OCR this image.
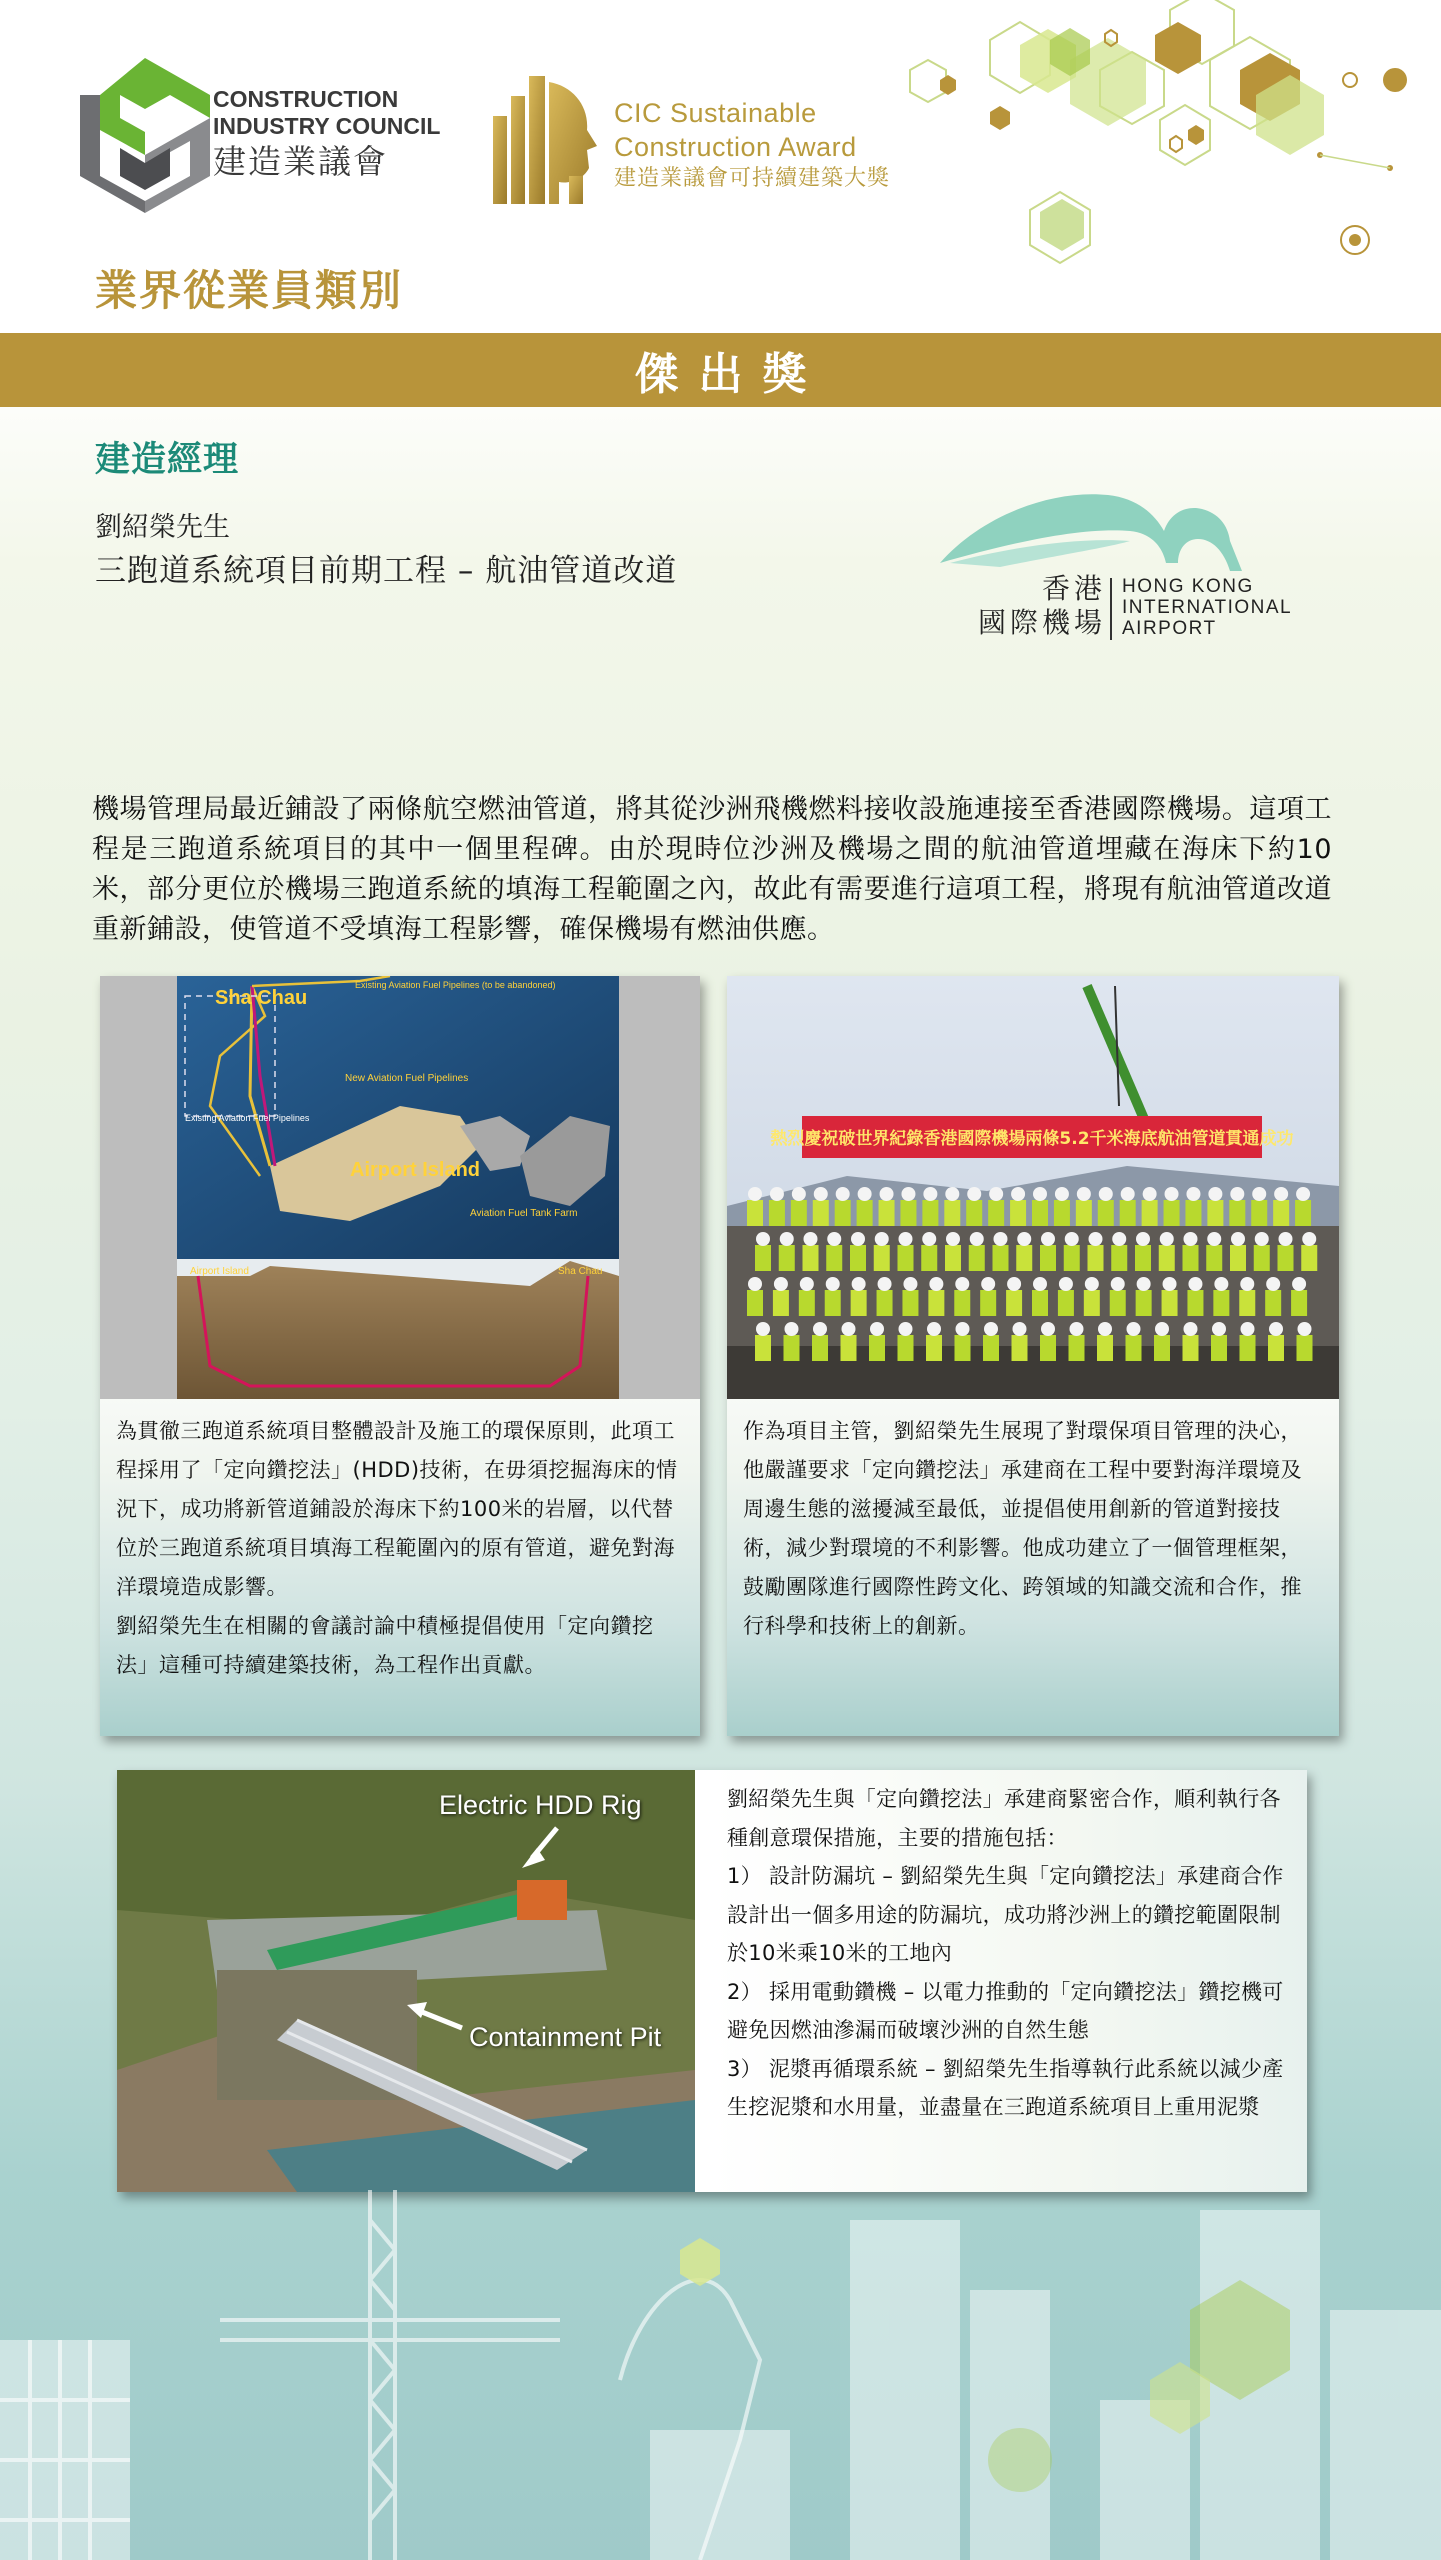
CONSTRUCTION
INDUSTRY COUNCIL
建造業議會
CIC Sustainable
Construction Award
建造業議會可持續建築大獎
業界從業員類別
傑出獎
建造經理
劉紹榮先生
三跑道系統項目前期工程 – 航油管道改道	香港
國際機場
HONG KONG
INTERNATIONAL
AIRPORT
機場管理局最近鋪設了兩條航空燃油管道，將其從沙洲飛機燃料接收設施連接至香港國際機場。這項工程是三跑道系統項目的其中一個里程碑。由於現時位沙洲及機場之間的航油管道埋藏在海床下約10米，部分更位於機場三跑道系統的填海工程範圍之內，故此有需要進行這項工程，將現有航油管道改道重新鋪設，使管道不受填海工程影響，確保機場有燃油供應。
Sha Chau
Airport Island
New Aviation Fuel Pipelines
Existing Aviation Fuel Pipelines
Existing Aviation Fuel Pipelines (to be abandoned)
Aviation Fuel Tank Farm
Airport Island	Sha Chau

為貫徹三跑道系統項目整體設計及施工的環保原則，此項工程採用了「定向鑽挖法」(HDD)技術，在毋須挖掘海床的情況下，成功將新管道鋪設於海床下約100米的岩層，以代替位於三跑道系統項目填海工程範圍內的原有管道，避免對海洋環境造成影響。

劉紹榮先生在相關的會議討論中積極提倡使用「定向鑽挖法」這種可持續建築技術，為工程作出貢獻。

熱烈慶祝破世界紀錄香港國際機場兩條5.2千米海底航油管道貫通成功
作為項目主管，劉紹榮先生展現了對環保項目管理的決心，他嚴謹要求「定向鑽挖法」承建商在工程中要對海洋環境及周邊生態的滋擾減至最低，並提倡使用創新的管道對接技術，減少對環境的不利影響。他成功建立了一個管理框架，鼓勵團隊進行國際性跨文化、跨領域的知識交流和合作，推行科學和技術上的創新。
Electric HDD Rig
Containment Pit

劉紹榮先生與「定向鑽挖法」承建商緊密合作，順利執行各種創意環保措施，主要的措施包括：

1） 設計防漏坑 – 劉紹榮先生與「定向鑽挖法」承建商合作設計出一個多用途的防漏坑，成功將沙洲上的鑽挖範圍限制於10米乘10米的工地內

2） 採用電動鑽機 – 以電力推動的「定向鑽挖法」鑽挖機可避免因燃油滲漏而破壞沙洲的自然生態

3） 泥漿再循環系統 – 劉紹榮先生指導執行此系統以減少產生挖泥漿和水用量，並盡量在三跑道系統項目上重用泥漿
